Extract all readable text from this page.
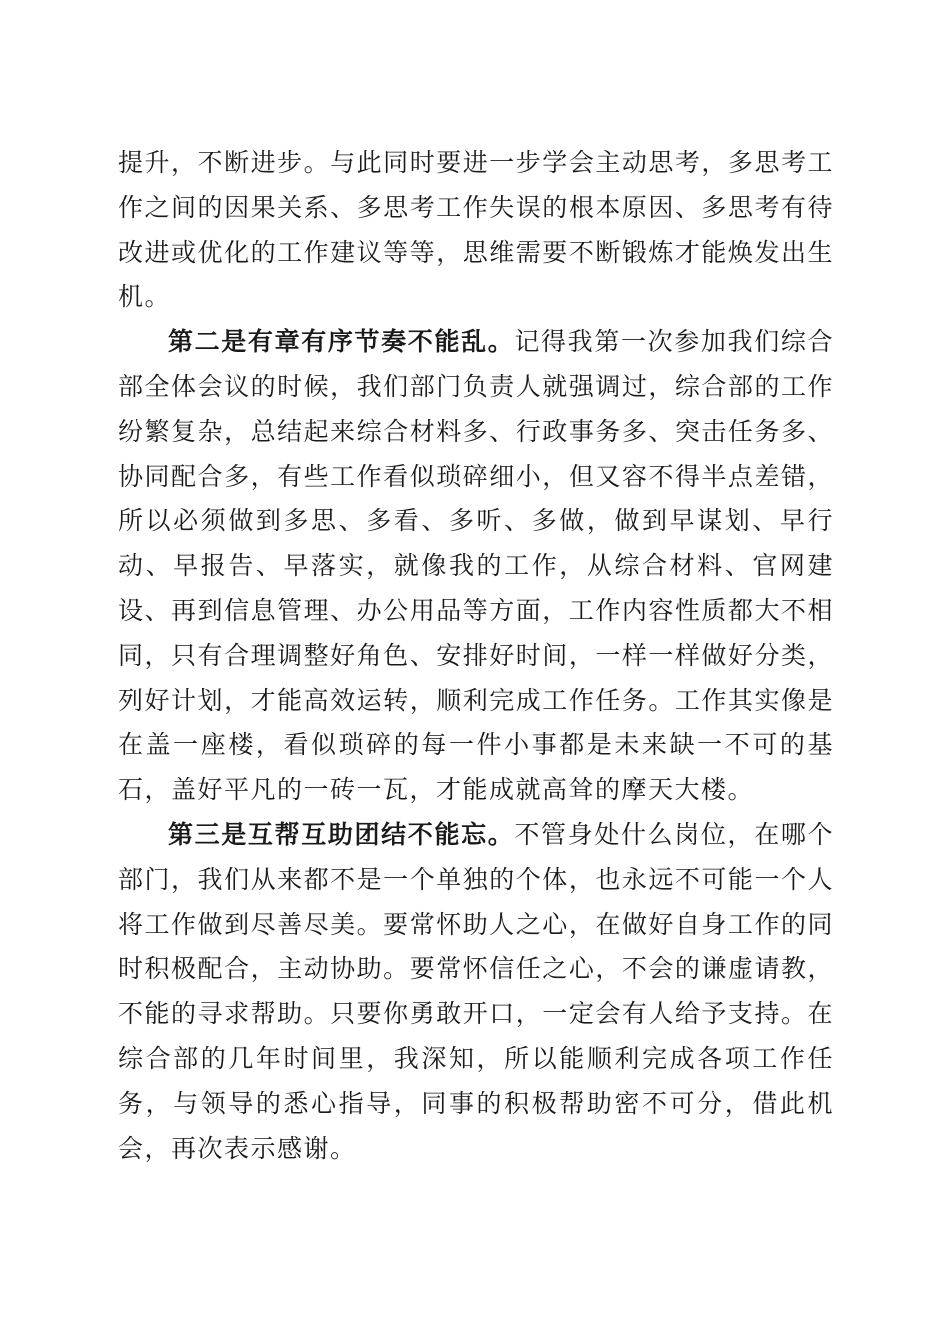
提升，不断进步。与此同时要进一步学会主动思考，多思考工作之间的因果关系、多思考工作失误的根本原因、多思考有待改进或优化的工作建议等等，思维需要不断锻炼才能焕发出生机。

第二是有章有序节奏不能乱。记得我第一次参加我们综合部全体会议的时候，我们部门负责人就强调过，综合部的工作纷繁复杂，总结起来综合材料多、行政事务多、突击任务多、协同配合多，有些工作看似琐碎细小，但又容不得半点差错，所以必须做到多思、多看、多听、多做，做到早谋划、早行动、早报告、早落实，就像我的工作，从综合材料、官网建设、再到信息管理、办公用品等方面，工作内容性质都大不相同，只有合理调整好角色、安排好时间，一样一样做好分类，列好计划，才能高效运转，顺利完成工作任务。工作其实像是在盖一座楼，看似琐碎的每一件小事都是未来缺一不可的基石，盖好平凡的一砖一瓦，才能成就高耸的摩天大楼。

第三是互帮互助团结不能忘。不管身处什么岗位，在哪个部门，我们从来都不是一个单独的个体，也永远不可能一个人将工作做到尽善尽美。要常怀助人之心，在做好自身工作的同时积极配合，主动协助。要常怀信任之心，不会的谦虚请教，不能的寻求帮助。只要你勇敢开口，一定会有人给予支持。在综合部的几年时间里，我深知，所以能顺利完成各项工作任务，与领导的悉心指导，同事的积极帮助密不可分，借此机会，再次表示感谢。
